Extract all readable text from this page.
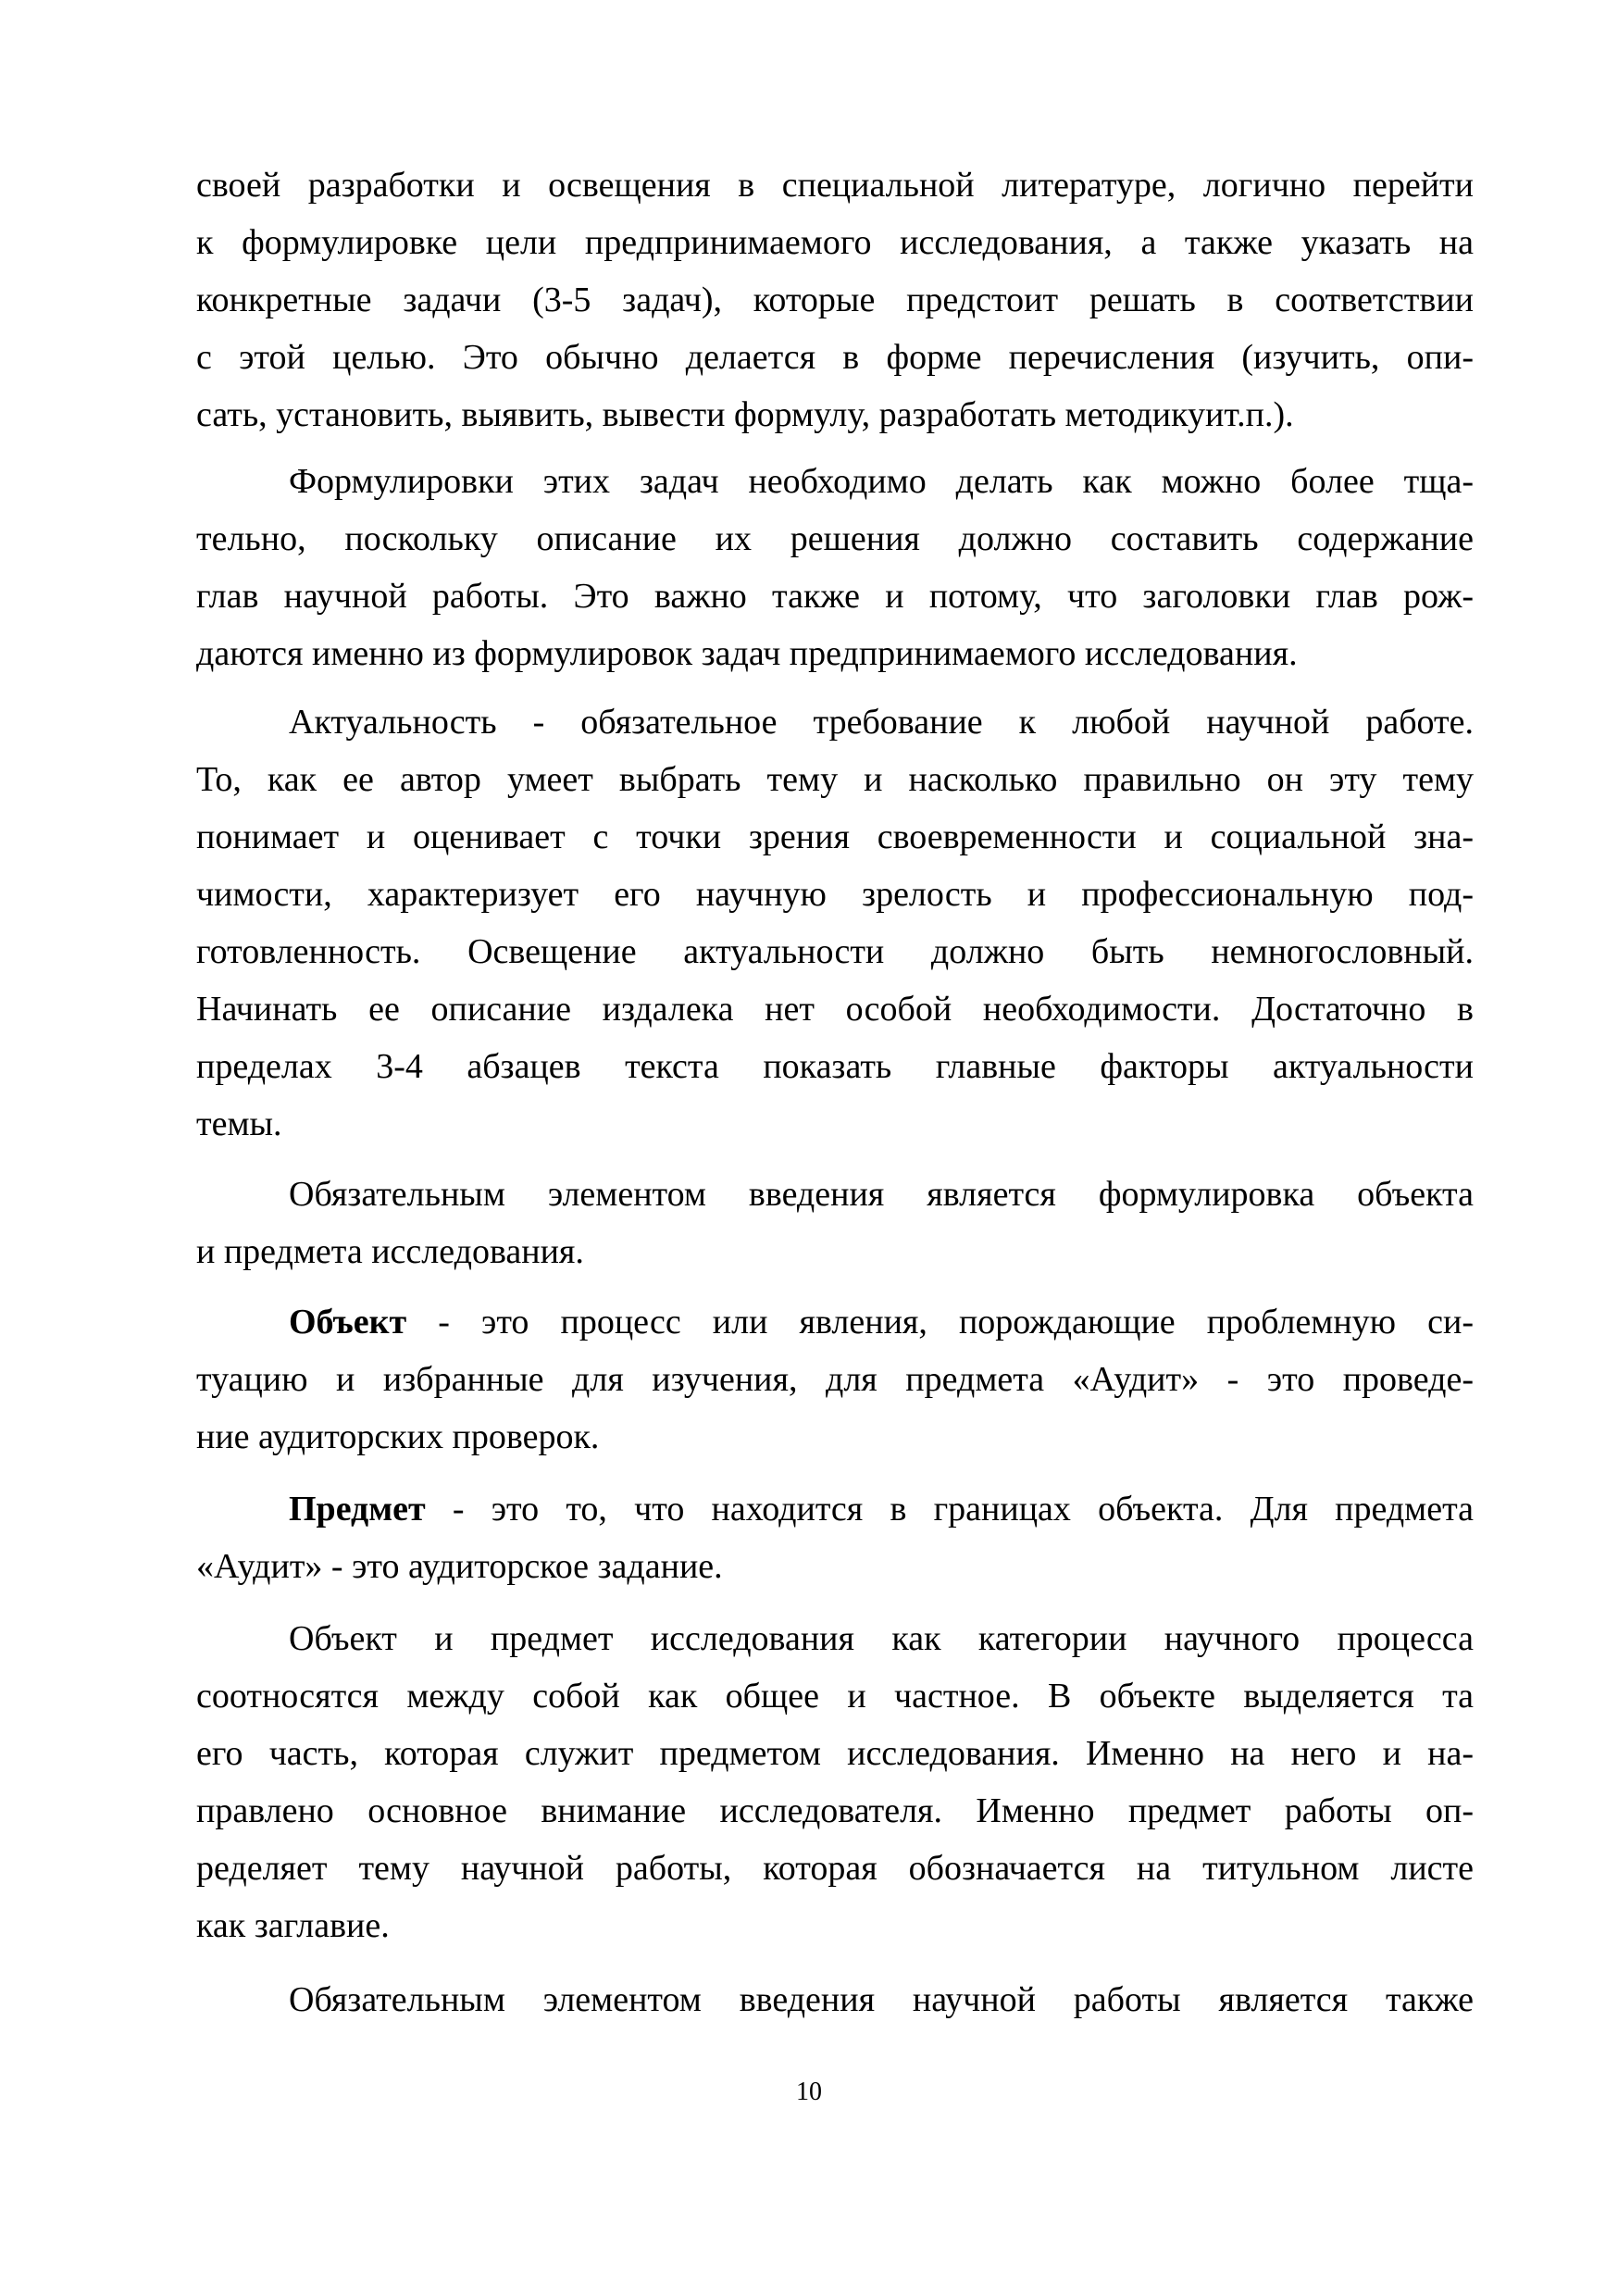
своей разработки и освещения в специальной литературе, логично перейти
к формулировке цели предпринимаемого исследования, а также указать на
конкретные задачи (3-5 задач), которые предстоит решать в соответствии
с этой целью. Это обычно делается в форме перечисления (изучить, опи-
сать, установить, выявить, вывести формулу, разработать методикуит.п.).
Формулировки этих задач необходимо делать как можно более тща-
тельно, поскольку описание их решения должно составить содержание
глав научной работы. Это важно также и потому, что заголовки глав рож-
даются именно из формулировок задач предпринимаемого исследования.
Актуальность - обязательное требование к любой научной работе.
То, как ее автор умеет выбрать тему и насколько правильно он эту тему
понимает и оценивает с точки зрения своевременности и социальной зна-
чимости, характеризует его научную зрелость и профессиональную под-
готовленность. Освещение актуальности должно быть немногословный.
Начинать ее описание издалека нет особой необходимости. Достаточно в
пределах 3-4 абзацев текста показать главные факторы актуальности
темы.
Обязательным элементом введения является формулировка объекта
и предмета исследования.
Объект - это процесс или явления, порождающие проблемную си-
туацию и избранные для изучения, для предмета «Аудит» - это проведе-
ние аудиторских проверок.
Предмет - это то, что находится в границах объекта. Для предмета
«Аудит» - это аудиторское задание.
Объект и предмет исследования как категории научного процесса
соотносятся между собой как общее и частное. В объекте выделяется та
его часть, которая служит предметом исследования. Именно на него и на-
правлено основное внимание исследователя. Именно предмет работы оп-
ределяет тему научной работы, которая обозначается на титульном листе
как заглавие.
Обязательным элементом введения научной работы является также
10
